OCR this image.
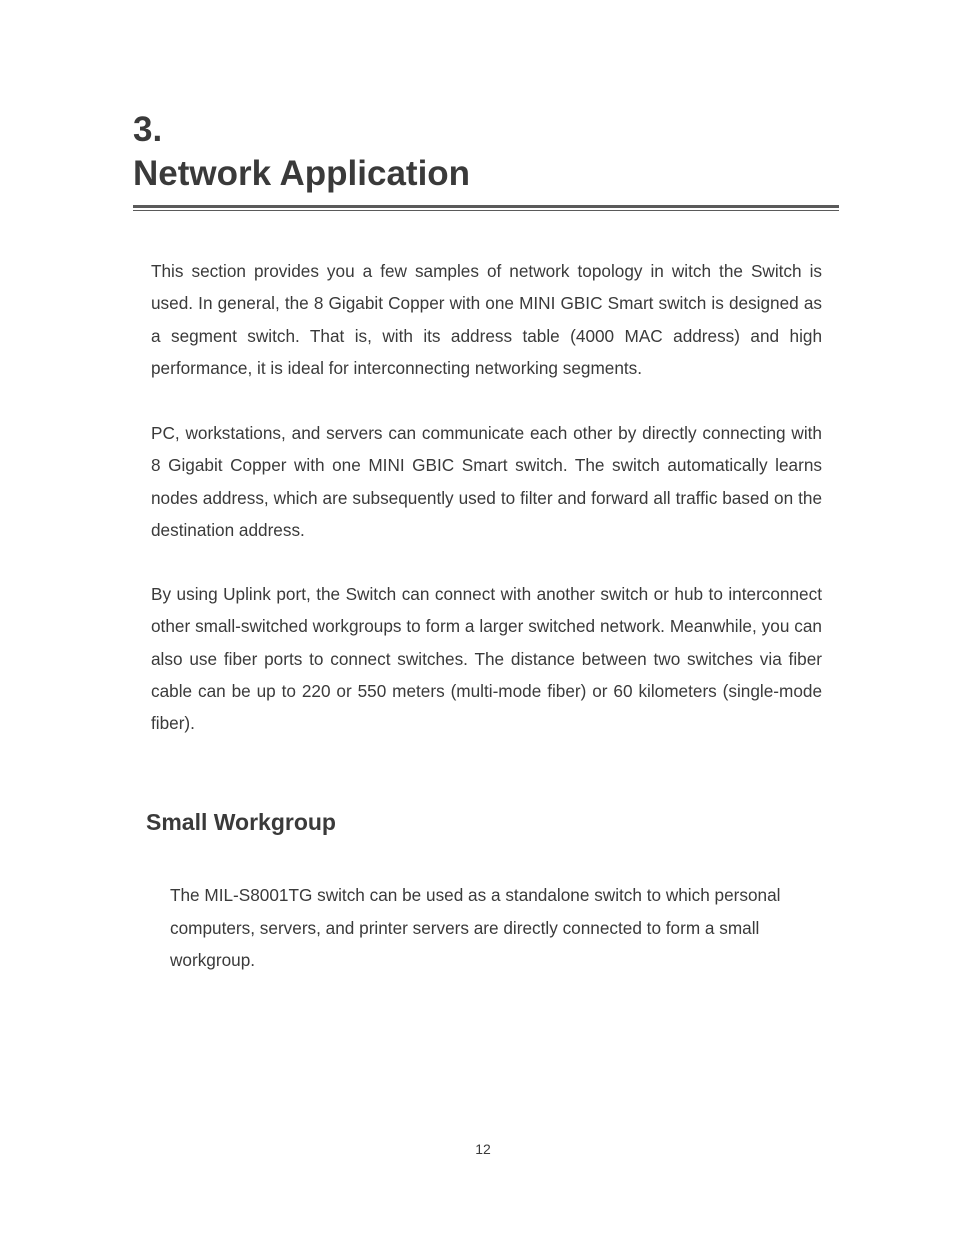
3.
Network Application

This section provides you a few samples of network topology in witch the Switch is used. In general, the 8 Gigabit Copper with one MINI GBIC Smart switch is designed as a segment switch. That is, with its address table (4000 MAC address) and high performance, it is ideal for interconnecting networking segments.

PC, workstations, and servers can communicate each other by directly connecting with 8 Gigabit Copper with one MINI GBIC Smart switch. The switch automatically learns nodes address, which are subsequently used to filter and forward all traffic based on the destination address.

By using Uplink port, the Switch can connect with another switch or hub to interconnect other small-switched workgroups to form a larger switched network. Meanwhile, you can also use fiber ports to connect switches. The distance between two switches via fiber cable can be up to 220 or 550 meters (multi-mode fiber) or 60 kilometers (single-mode fiber).

Small Workgroup

The MIL-S8001TG switch can be used as a standalone switch to which personal computers, servers, and printer servers are directly connected to form a small workgroup.

12
